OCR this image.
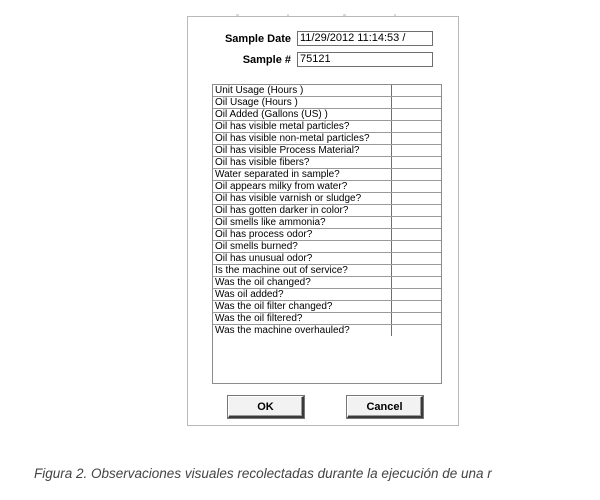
Sample Date 11/29/2012 11:14:53 /
Sample # 75121
Unit Usage (Hours )	
Oil Usage (Hours )	
Oil Added (Gallons (US) )	
Oil has visible metal particles?	
Oil has visible non-metal particles?	
Oil has visible Process Material?	
Oil has visible fibers?	
Water separated in sample?	
Oil appears milky from water?	
Oil has visible varnish or sludge?	
Oil has gotten darker in color?	
Oil smells like ammonia?	
Oil has process odor?	
Oil smells burned?	
Oil has unusual odor?	
Is the machine out of service?	
Was the oil changed?	
Was oil added?	
Was the oil filter changed?	
Was the oil filtered?	
Was the machine overhauled?	
OK	Cancel
Figura 2. Observaciones visuales recolectadas durante la ejecución de una r
